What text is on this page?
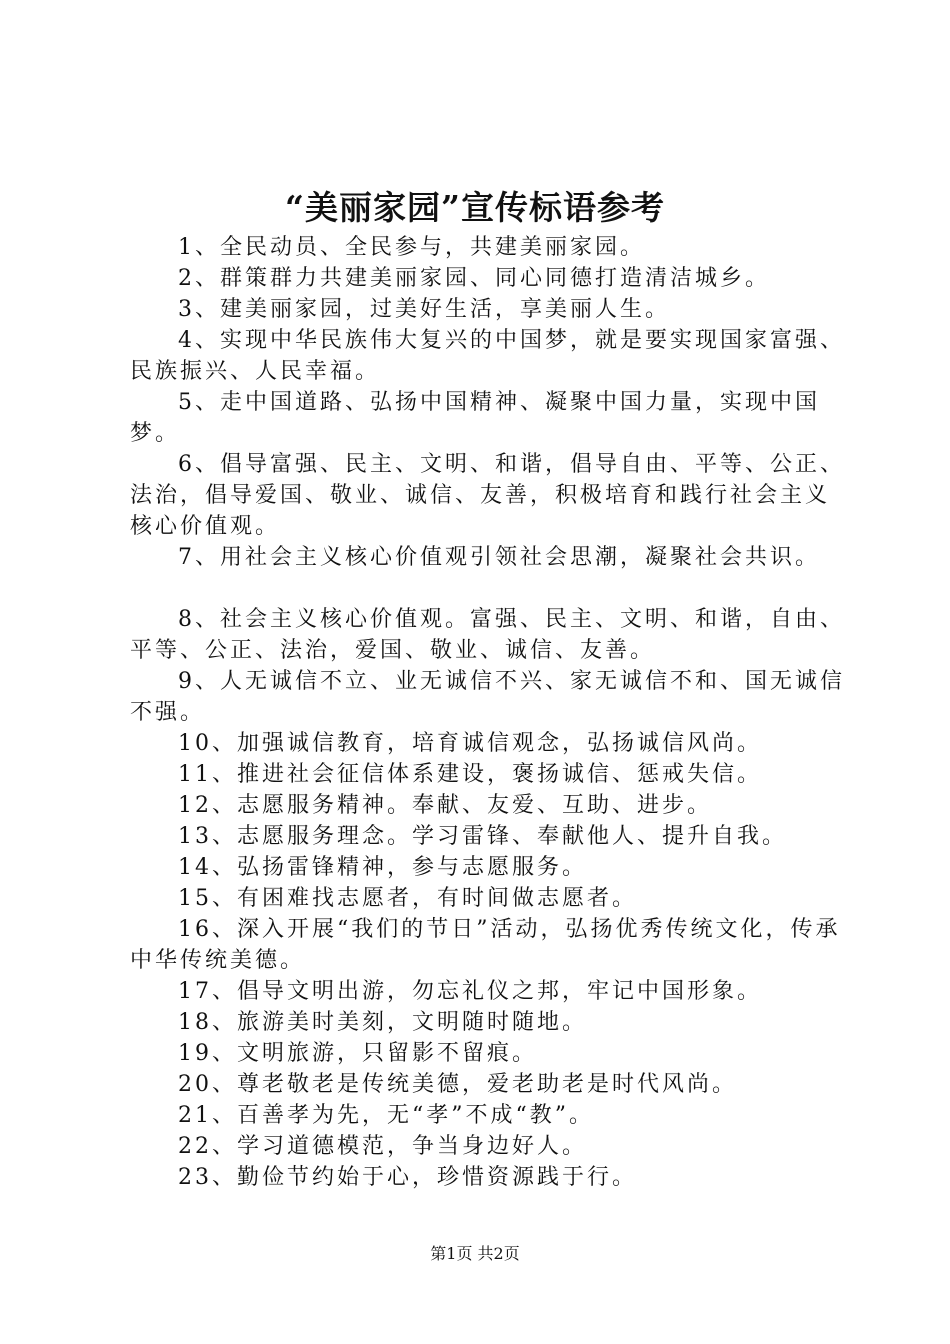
“美丽家园”宣传标语参考

1、全民动员、全民参与，共建美丽家园。

2、群策群力共建美丽家园、同心同德打造清洁城乡。

3、建美丽家园，过美好生活，享美丽人生。

4、实现中华民族伟大复兴的中国梦，就是要实现国家富强、民族振兴、人民幸福。

5、走中国道路、弘扬中国精神、凝聚中国力量，实现中国梦。

6、倡导富强、民主、文明、和谐，倡导自由、平等、公正、法治，倡导爱国、敬业、诚信、友善，积极培育和践行社会主义核心价值观。

7、用社会主义核心价值观引领社会思潮，凝聚社会共识。

8、社会主义核心价值观。富强、民主、文明、和谐，自由、平等、公正、法治，爱国、敬业、诚信、友善。

9、人无诚信不立、业无诚信不兴、家无诚信不和、国无诚信不强。

10、加强诚信教育，培育诚信观念，弘扬诚信风尚。

11、推进社会征信体系建设，褒扬诚信、惩戒失信。

12、志愿服务精神。奉献、友爱、互助、进步。

13、志愿服务理念。学习雷锋、奉献他人、提升自我。

14、弘扬雷锋精神，参与志愿服务。

15、有困难找志愿者，有时间做志愿者。

16、深入开展“我们的节日”活动，弘扬优秀传统文化，传承中华传统美德。

17、倡导文明出游，勿忘礼仪之邦，牢记中国形象。

18、旅游美时美刻，文明随时随地。

19、文明旅游，只留影不留痕。

20、尊老敬老是传统美德，爱老助老是时代风尚。

21、百善孝为先，无“孝”不成“教”。

22、学习道德模范，争当身边好人。

23、勤俭节约始于心，珍惜资源践于行。

第1页 共2页
